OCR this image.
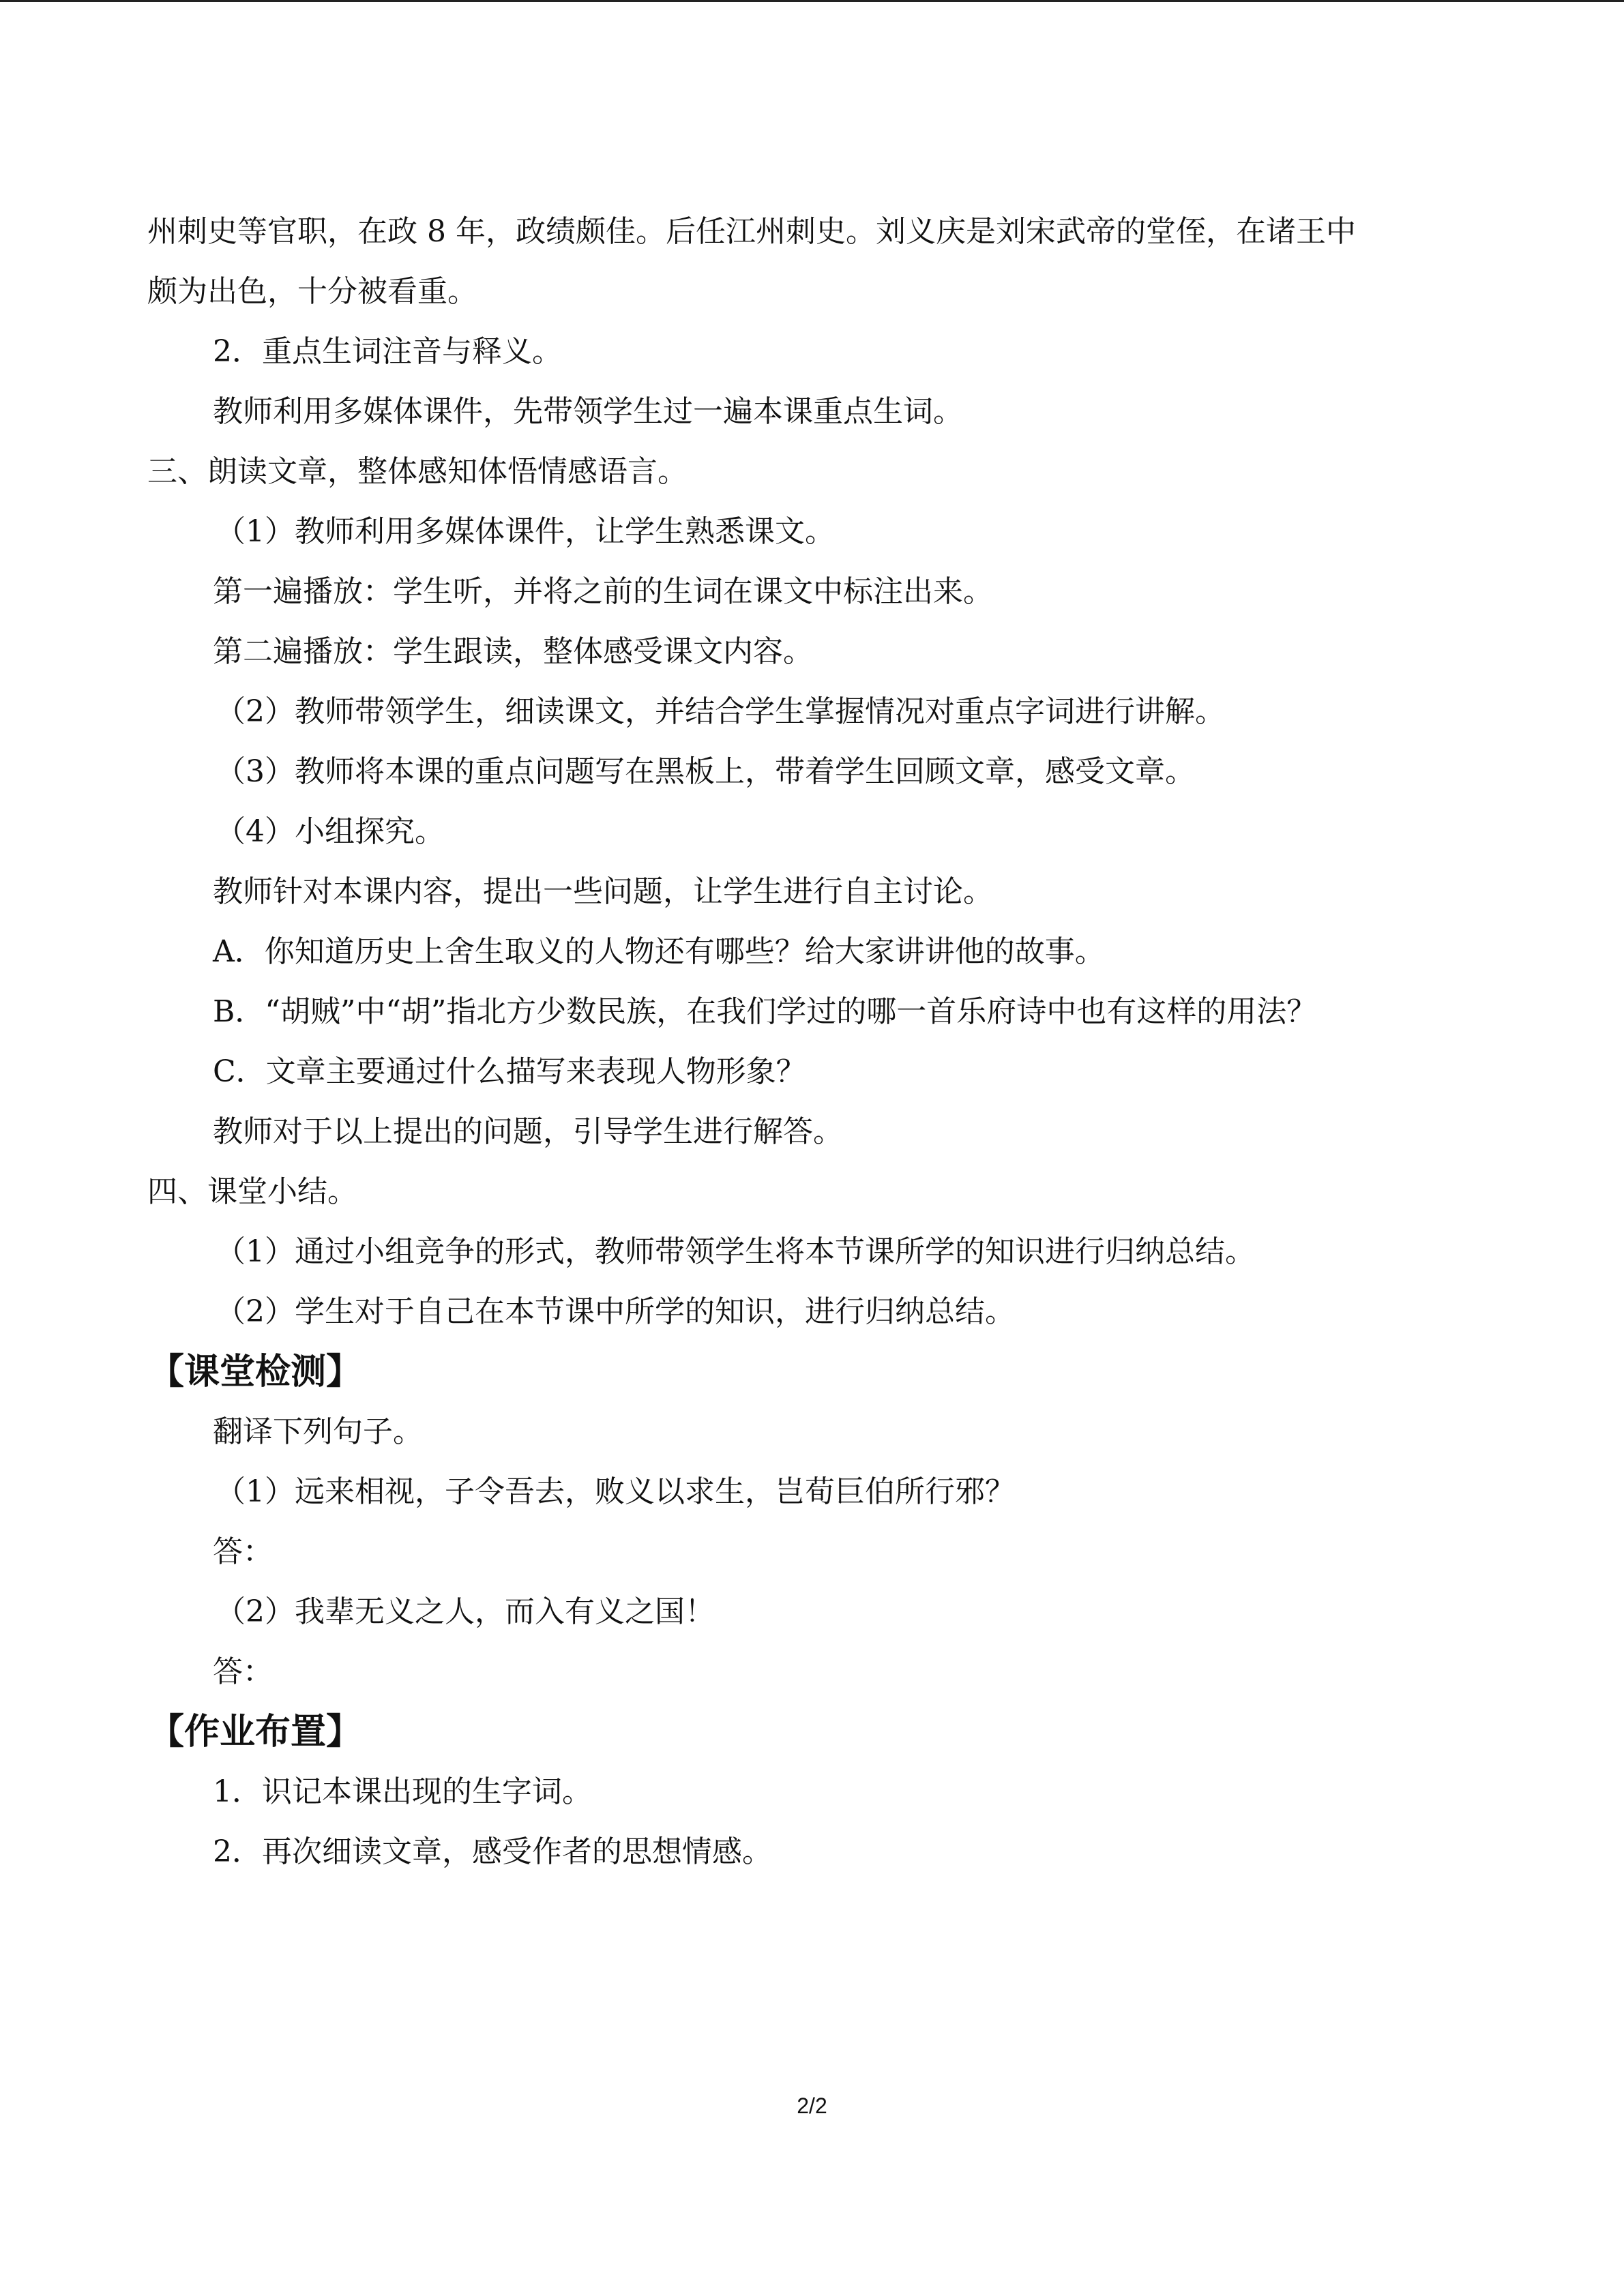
州刺史等官职，在政 8 年，政绩颇佳。后任江州刺史。刘义庆是刘宋武帝的堂侄，在诸王中

颇为出色，十分被看重。

2．重点生词注音与释义。

教师利用多媒体课件，先带领学生过一遍本课重点生词。

三、朗读文章，整体感知体悟情感语言。

（1）教师利用多媒体课件，让学生熟悉课文。

第一遍播放：学生听，并将之前的生词在课文中标注出来。

第二遍播放：学生跟读，整体感受课文内容。

（2）教师带领学生，细读课文，并结合学生掌握情况对重点字词进行讲解。

（3）教师将本课的重点问题写在黑板上，带着学生回顾文章，感受文章。

（4）小组探究。

教师针对本课内容，提出一些问题，让学生进行自主讨论。

A．你知道历史上舍生取义的人物还有哪些？给大家讲讲他的故事。

B．“胡贼”中“胡”指北方少数民族，在我们学过的哪一首乐府诗中也有这样的用法？

C．文章主要通过什么描写来表现人物形象？

教师对于以上提出的问题，引导学生进行解答。

四、课堂小结。

（1）通过小组竞争的形式，教师带领学生将本节课所学的知识进行归纳总结。

（2）学生对于自己在本节课中所学的知识，进行归纳总结。

【课堂检测】

翻译下列句子。

（1）远来相视，子令吾去，败义以求生，岂荀巨伯所行邪？

答：

（2）我辈无义之人，而入有义之国！

答：

【作业布置】

1．识记本课出现的生字词。

2．再次细读文章，感受作者的思想情感。

2/2
